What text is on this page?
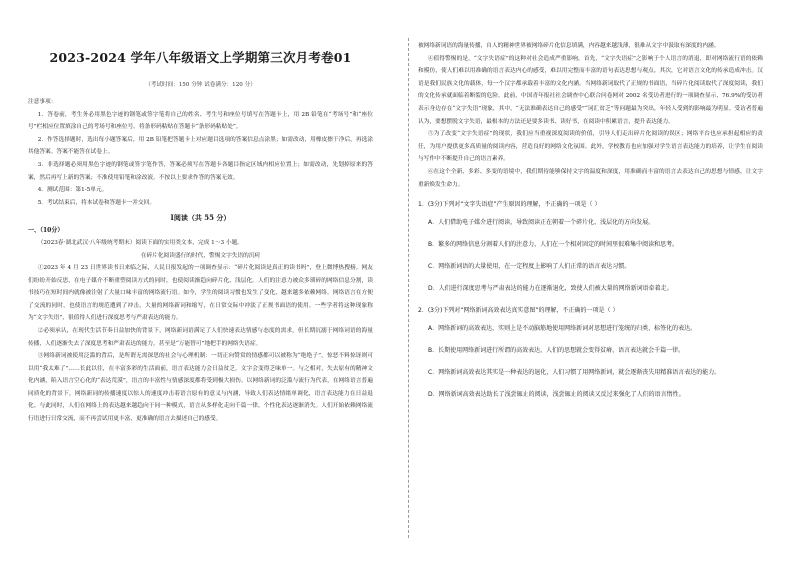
2023-2024 学年八年级语文上学期第三次月考卷01
（考试时间：150 分钟 试卷满分：120 分）

注意事项：

1．答卷前，考生务必用黑色字迹的钢笔或签字笔将自己的姓名、考生号和座位号填写在答题卡上，用 2B 铅笔在“考场号”和“座位号”栏相应位置填涂自己的考场号和座位号。将条形码粘贴在答题卡“条形码粘贴处”。

2．作答选择题时，选出每小题答案后，用 2B 铅笔把答题卡上对应题目选项的答案信息点涂黑；如需改动，用橡皮擦干净后，再选涂其他答案。答案不能答在试卷上。

3．非选择题必须用黑色字迹的钢笔或签字笔作答，答案必须写在答题卡各题目指定区域内相应位置上；如需改动，先划掉原来的答案，然后再写上新的答案；不准使用铅笔和涂改液。不按以上要求作答的答案无效。

4．测试范围：第1-5单元。

5．考试结束后，将本试卷和答题卡一并交回。

Ⅰ阅读（共 55 分）

一、（10分）

（2023春·湖北武汉·八年级统考期末）阅读下面的实用类文本，完成 1～3 小题。

在碎片化阅读盛行的时代，警惕文字失语的沉疴

①2023 年 4 月 23 日世界读书日来临之际，人民日报发起的一项调查显示：“碎片化阅读是真正的读书吗”，登上微博热搜榜。网友们纷纷开始反思，在电子媒介不断重塑阅读方式的同时，也使阅读渐趋向碎片化、浅层化。人们的注意力被众多琐碎的网络信息分割，读书技巧在短时间内就像被注射了大量口味丰富的网络流行语。如今，学生的阅读习惯也发生了变化，越来越多依赖网络。网络语言在方便了交流的同时，也使语言的规范遭到了冲击，大量的网络新词和缩写，在日常交际中冲淡了正规书面语的使用。一些学者将这种现象称为“文字失语”，很值得人们进行深度思考与严肃表达的能力。

②必须承认，在现代生活节奏日益加快的背景下，网络新词语满足了人们快速表达情感与态度的需求，但长期沉溺于网络词语的海量传播，人们逐渐失去了深度思考和严肃表达的能力，甚至是“万能替可”地把手的网络失语症。

③网络新词被使用泛滥的背后，是所谓无需深思的社会与心理机制：一切正向赞赏的情感都可以被称为“绝绝子”，惊恶不料惊讶则可以用“我太难了”……长此以往，在丰富多彩的生活面前，语言表达能力会日益贫乏，文字会变得乏味单一。与之相对，失去原有的精神文化内涵，陷入语言空心化的“表达荒漠”，语言的丰富性与情感深度都将受到极大损伤。以网络新词的泛滥与流行为代表，在网络语言普遍同质化的背景下，网络新词的传播速度以惊人的速度冲击着语言原有的意义与内涵，导致人们表达情绪单调化，语言表达能力在日益退化。与此同时，人们在网络上的表达越来越趋向于同一种模式，语言从多样化走向千篇一律，个性化表达逐渐消失。人们开始依赖网络流行语进行日常交流，而不再尝试用更丰富、更准确的语言去描述自己的感受。

被网络新词语的海量传播，自人的精神世界被网络碎片化信息填满，内容越来越浅薄，很难从文字中汲取有深度的内涵。

④值得警惕的是，“文字失语症”的这种对社会造成严重影响，首先，“文字失语症”之影响于个人语言的消退，即对网络流行语的依赖和模仿，使人们难以用准确的语言表达内心的感受，难以用完整而丰富的语句表达思想与观点。其次，它对语言文化的传承造成冲击。汉语是我们民族文化的载体，每一个汉字都承载着丰富的文化内涵。当网络新词取代了正规的书面语，当碎片化阅读取代了深度阅读，我们的文化传承就面临着断裂的危险。此前，中国青年报社社会调查中心联合问卷网对 2002 名受访者进行的一项调查显示，76.9%的受访者表示身边存在“文字失语”现象，其中，“无法准确表达自己的感受”“词汇贫乏”等问题最为突出，年轻人受到的影响最为明显。受访者普遍认为，要想摆脱文字失语，最根本的方法还是要多读书、读好书，在阅读中积累语言，提升表达能力。

⑤为了改变“文字失语症”的现状，我们应当重视深度阅读的价值，引导人们走出碎片化阅读的误区；网络平台也应承担起相应的责任，为用户提供更多高质量的阅读内容，营造良好的网络文化氛围。此外，学校教育也应加强对学生语言表达能力的培养，让学生在阅读与写作中不断提升自己的语言素养。

⑥在这个全新、多彩、多变的语境中，我们期待能够保持文字的温度和深度，用准确而丰富的语言去表达自己的思想与情感，让文字重新焕发生命力。

1．(3分)下列对“文字失语症”产生原因的理解，不正确的一项是（ ）
A．人们借助电子媒介进行阅读，导致阅读正在朝着一个碎片化、浅层化的方向发展。
B．繁多的网络信息分割着人们的注意力，人们在一个相对固定的时间里很难集中阅读和思考。
C．网络新词语的大量使用，在一定程度上影响了人们正常的语言表达习惯。
D．人们进行深度思考与严肃表达的能力在逐渐退化，致使人们被大量的网络新词语牵着走。
2．(3分)下列对“网络新词高效表达真实意图”的理解，不正确的一项是（ ）
A．网络新词的高效表达，实则上是不动脑筋地使用网络新词对思想进行笼统的归类、标签化的表达。
B．长期使用网络新词进行所谓的高效表达，人们的思想就会变得贫瘠，语言表达就会千篇一律。
C．网络新词高效表达其实是一种表达的退化，人们习惯了用网络新词，就会逐渐丧失用精准语言表达的能力。
D．网络新词高效表达助长了浅尝辄止的阅读，浅尝辄止的阅读又反过来强化了人们的语言惰性。
